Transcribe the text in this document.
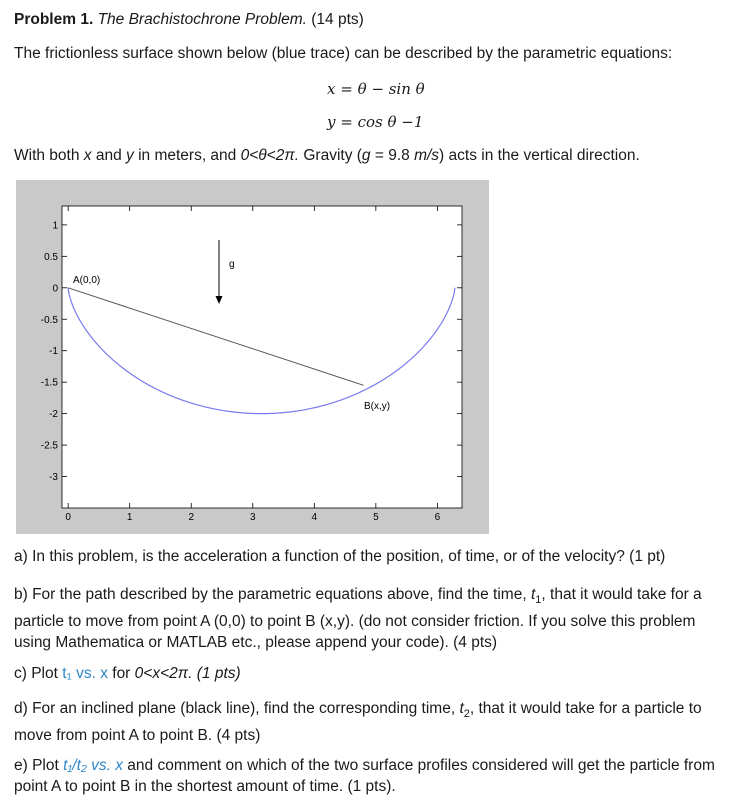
Problem 1. The Brachistochrone Problem. (14 pts)
The frictionless surface shown below (blue trace) can be described by the parametric equations:
x = θ − sin θ
y = cos θ −1
With both x and y in meters, and 0<θ<2π. Gravity (g = 9.8 m/s) acts in the vertical direction.
1
0.5
0
-0.5
-1
-1.5
-2
-2.5
-3
0	1	2	3	4	5	6
A(0,0)
B(x,y)
g
a) In this problem, is the acceleration a function of the position, of time, or of the velocity? (1 pt)
b) For the path described by the parametric equations above, find the time, $t_1$, that it would take for a particle to move from point A (0,0) to point B (x,y). (do not consider friction. If you solve this problem using Mathematica or MATLAB etc., please append your code). (4 pts)
c) Plot t₁ vs. x for 0<x<2π. (1 pts)
d) For an inclined plane (black line), find the corresponding time, $t_2$, that it would take for a particle to move from point A to point B. (4 pts)
e) Plot t₁/t₂ vs. x and comment on which of the two surface profiles considered will get the particle from point A to point B in the shortest amount of time. (1 pts).
